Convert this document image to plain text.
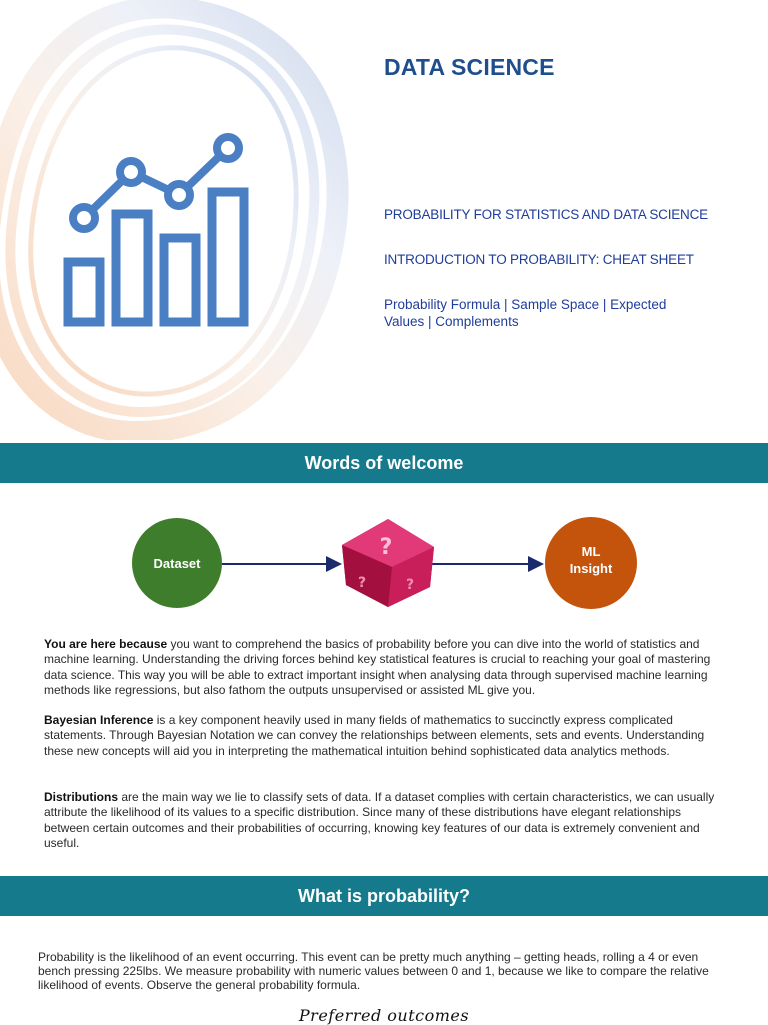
DATA SCIENCE
PROBABILITY FOR STATISTICS AND DATA SCIENCE
INTRODUCTION TO PROBABILITY: CHEAT SHEET
Probability Formula | Sample Space | Expected Values | Complements
Words of welcome
Dataset
?
?	?
ML Insight
You are here because you want to comprehend the basics of probability before you can dive into the world of statistics and machine learning. Understanding the driving forces behind key statistical features is crucial to reaching your goal of mastering data science. This way you will be able to extract important insight when analysing data through supervised machine learning methods like regressions, but also fathom the outputs unsupervised or assisted ML give you.
Bayesian Inference is a key component heavily used in many fields of mathematics to succinctly express complicated statements. Through Bayesian Notation we can convey the relationships between elements, sets and events. Understanding these new concepts will aid you in interpreting the mathematical intuition behind sophisticated data analytics methods.
Distributions are the main way we lie to classify sets of data. If a dataset complies with certain characteristics, we can usually attribute the likelihood of its values to a specific distribution. Since many of these distributions have elegant relationships between certain outcomes and their probabilities of occurring, knowing key features of our data is extremely convenient and useful.
What is probability?
Probability is the likelihood of an event occurring. This event can be pretty much anything – getting heads, rolling a 4 or even bench pressing 225lbs. We measure probability with numeric values between 0 and 1, because we like to compare the relative likelihood of events. Observe the general probability formula.
Preferred outcomes
